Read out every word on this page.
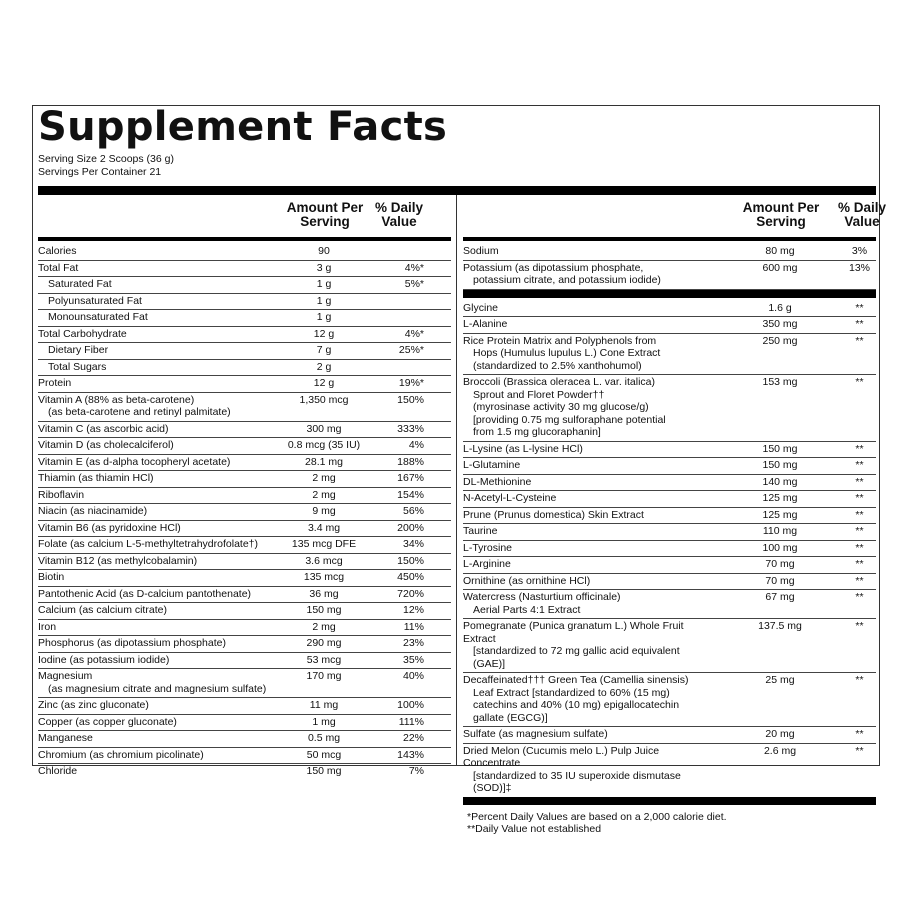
Supplement Facts
Serving Size 2 Scoops (36 g)
Servings Per Container 21
Amount Per Serving
% Daily Value
Calories	90
Total Fat	3 g	4%*
Saturated Fat	1 g	5%*
Polyunsaturated Fat	1 g
Monounsaturated Fat	1 g
Total Carbohydrate	12 g	4%*
Dietary Fiber	7 g	25%*
Total Sugars	2 g
Protein	12 g	19%*
Vitamin A (88% as beta-carotene)
(as beta-carotene and retinyl palmitate)
1,350 mcg	150%
Vitamin C (as ascorbic acid)	300 mg	333%
Vitamin D (as cholecalciferol)	0.8 mcg (35 IU)	4%
Vitamin E (as d-alpha tocopheryl acetate)	28.1 mg	188%
Thiamin (as thiamin HCl)	2 mg	167%
Riboflavin	2 mg	154%
Niacin (as niacinamide)	9 mg	56%
Vitamin B6 (as pyridoxine HCl)	3.4 mg	200%
Folate (as calcium L-5-methyltetrahydrofolate†)	135 mcg DFE	34%
Vitamin B12 (as methylcobalamin)	3.6 mcg	150%
Biotin	135 mcg	450%
Pantothenic Acid (as D-calcium pantothenate)	36 mg	720%
Calcium (as calcium citrate)	150 mg	12%
Iron	2 mg	11%
Phosphorus (as dipotassium phosphate)	290 mg	23%
Iodine (as potassium iodide)	53 mcg	35%
Magnesium
(as magnesium citrate and magnesium sulfate)
170 mg	40%
Zinc (as zinc gluconate)	11 mg	100%
Copper (as copper gluconate)	1 mg	111%
Manganese	0.5 mg	22%
Chromium (as chromium picolinate)	50 mcg	143%
Chloride	150 mg	7%
Amount Per Serving
% Daily Value
Sodium	80 mg	3%
Potassium (as dipotassium phosphate,
potassium citrate, and potassium iodide)
600 mg	13%
Glycine	1.6 g	**
L-Alanine	350 mg	**
Rice Protein Matrix and Polyphenols from
Hops (Humulus lupulus L.) Cone Extract
(standardized to 2.5% xanthohumol)
250 mg	**
Broccoli (Brassica oleracea L. var. italica)
Sprout and Floret Powder††
(myrosinase activity 30 mg glucose/g)
[providing 0.75 mg sulforaphane potential
from 1.5 mg glucoraphanin]
153 mg	**
L-Lysine (as L-lysine HCl)	150 mg	**
L-Glutamine	150 mg	**
DL-Methionine	140 mg	**
N-Acetyl-L-Cysteine	125 mg	**
Prune (Prunus domestica) Skin Extract	125 mg	**
Taurine	110 mg	**
L-Tyrosine	100 mg	**
L-Arginine	70 mg	**
Ornithine (as ornithine HCl)	70 mg	**
Watercress (Nasturtium officinale)
Aerial Parts 4:1 Extract
67 mg	**
Pomegranate (Punica granatum L.) Whole Fruit Extract
[standardized to 72 mg gallic acid equivalent (GAE)]
137.5 mg	**
Decaffeinated††† Green Tea (Camellia sinensis)
Leaf Extract [standardized to 60% (15 mg)
catechins and 40% (10 mg) epigallocatechin gallate (EGCG)]
25 mg	**
Sulfate (as magnesium sulfate)	20 mg	**
Dried Melon (Cucumis melo L.) Pulp Juice Concentrate
[standardized to 35 IU superoxide dismutase (SOD)]‡
2.6 mg	**
*Percent Daily Values are based on a 2,000 calorie diet.
**Daily Value not established
